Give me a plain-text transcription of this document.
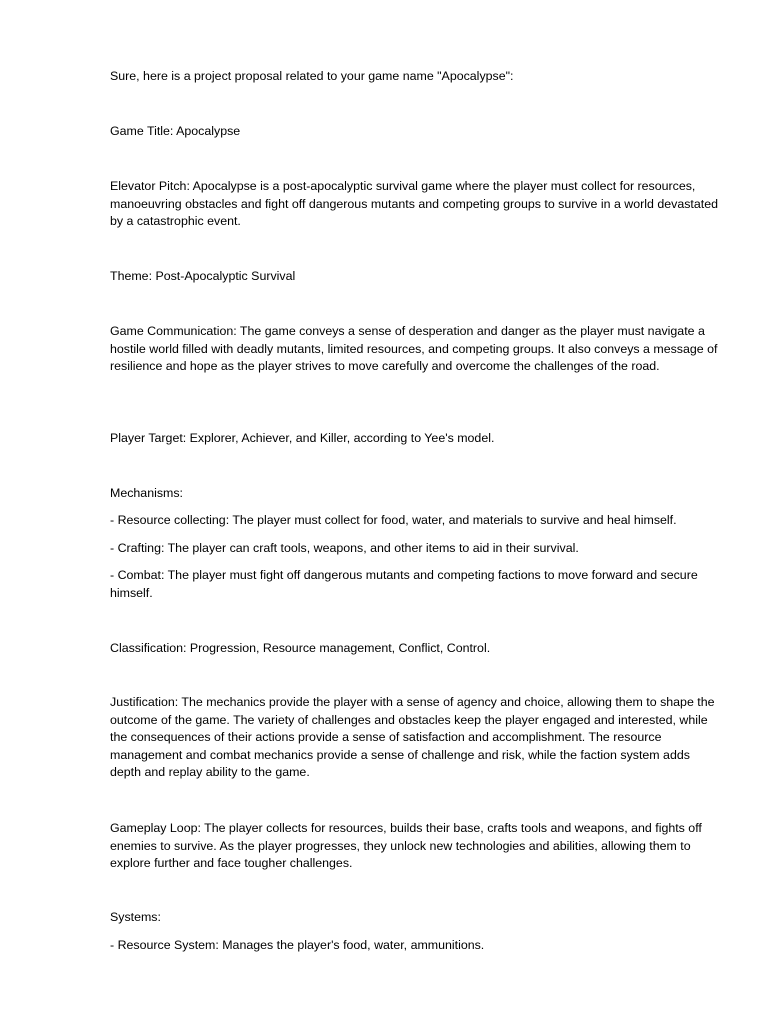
Sure, here is a project proposal related to your game name "Apocalypse":

Game Title: Apocalypse

Elevator Pitch: Apocalypse is a post-apocalyptic survival game where the player must collect for resources, manoeuvring obstacles and fight off dangerous mutants and competing groups to survive in a world devastated by a catastrophic event.

Theme: Post-Apocalyptic Survival

Game Communication: The game conveys a sense of desperation and danger as the player must navigate a hostile world filled with deadly mutants, limited resources, and competing groups. It also conveys a message of resilience and hope as the player strives to move carefully and overcome the challenges of the road.

Player Target: Explorer, Achiever, and Killer, according to Yee's model.

Mechanisms:

- Resource collecting: The player must collect for food, water, and materials to survive and heal himself.

- Crafting: The player can craft tools, weapons, and other items to aid in their survival.

- Combat: The player must fight off dangerous mutants and competing factions to move forward and secure himself.

Classification: Progression, Resource management, Conflict, Control.

Justification: The mechanics provide the player with a sense of agency and choice, allowing them to shape the outcome of the game. The variety of challenges and obstacles keep the player engaged and interested, while the consequences of their actions provide a sense of satisfaction and accomplishment. The resource management and combat mechanics provide a sense of challenge and risk, while the faction system adds depth and replay ability to the game.

Gameplay Loop: The player collects for resources, builds their base, crafts tools and weapons, and fights off enemies to survive. As the player progresses, they unlock new technologies and abilities, allowing them to explore further and face tougher challenges.

Systems:

- Resource System: Manages the player's food, water, ammunitions.
